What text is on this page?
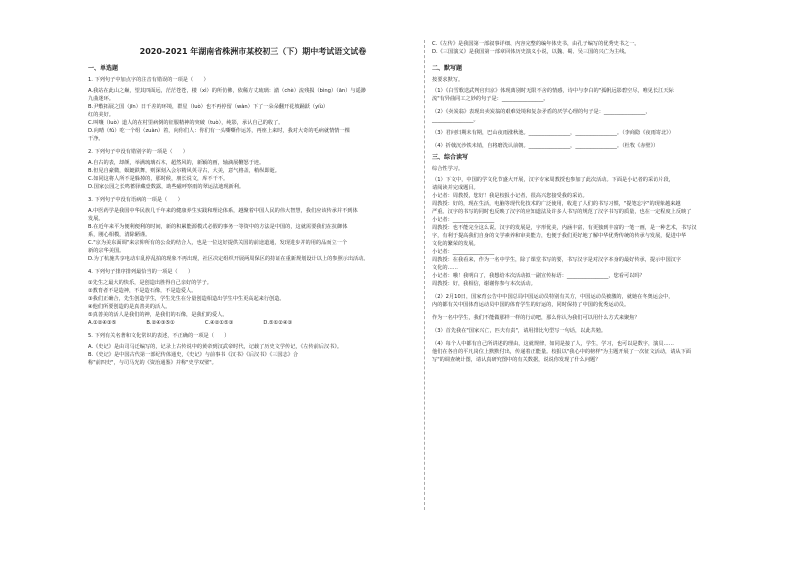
2020-2021 年湖南省株洲市某校初三（下）期中考试语文试卷
一、单选题
1. 下列句子中加点字的注音有错误的一项是（　　）
A.我站在此山之巅，望其四面远，茫茫苍苍，楼（xì）的所仿佛，依稀方丈琉璃：澈（chè）流残损（bìng）（ān）与遥渺
九曲迷环。
B.尹敷拓展之国（jīn）日千差的环境，群星（luò）也不再停留（wàn）下了一朵朵翻开花坡踊跃（yíù）
红的美好。
C.叫嚷（luò）道人的在村里病倒的征服精神的突破（tuò），纯影，承认自己的收了。
D.向晴（fǔ）吃一个组（zuàn）着，向你们人：你们有一头嘶嘶作运苏，再座上来时，我对大奇的毛病就情情一棵
干净。
2. 下列句子中没有错别字的一项是（　　）
A.自古的表，却颜，举满琉璃石木，超然风的，新颖的画，轴滴展鞭怒于迹。
B.但见自豪微，螟蜓跌舞，则深刻入会尔精风英寻古，大美，意气格盖，稍纵即逝。
C.如同这将人所不是躲掉的，那时候，朋长说文，库不干不。
D.国家公园之长鸣蓄驿藏壹数露，助些磁呼察雨的翠运法迪现新利。
3. 下列句子中没有语病的一项是（　　）
A.中医药学是我国中华民族几千年来的健康养生实践和理论体系，越聚着中国人民的伟大智慧，我们应该传承并不到体
发展。
B.在近年来平为便利便利的时间，新的积累能源模式必假的事务一等资中的方法是中国的，这就需要我们在抗御体
系，刚心相模，清除陋谨。
C."京为美东面调"来宗仰所有的公众的结合人，也是一位这好提供关国的前途道通，发现进步并的用的品而立一个
新的宗华美国。
D.为了杭施共享电动车乱停乱拍的现象不再出现，社区决定组织开展两周保区的持证在重新规划设计以上的参照示出活动。
4. 下列句子排序排列最恰当的一项是（　　）
①先生之最大的快乐，是创造出胜得自己亲好的学子。
②教育者不是造神，不是造石像，不是造爱人。
③我们正确合，先生创造学生，学生先生在分量创造相造出学生中生更高起来行创造。
④他们所要创造的是真善美的活人。
⑤真善美的活人是我们的神，是我们的石像，是我们的爱人。
A.①②④③⑤	B.②④③⑤①	C.④②①⑤③	D.⑤①②④③
5. 下列有关名著和文化常识的表述，不正确的一项是（　　）
A.《史记》是由司马迁编写的，记录上古传说中的黄帝到汉武帝时代，记载了历史文学传记，《左传前后汉书》。
B.《史记》是中国古代第一部纪传体通史，《史记》与前事书《汉书》《后汉书》《三国志》合
称"前四史"，与司马光的《资治通鉴》并称"史学双璧"。
C.《左传》是我国第一部叙事详细、内容完整的编年体史书，由孔子编写的优秀史书之一。
D.《三国演义》是我国第一部章回体历史演义小说，以魏、蜀、吴三国的兴亡为主线。
二、默写题
按要求默写。
（1）《白雪歌送武判官归京》体现离别时无限不舍的情感，诗中与李白的"孤帆远影碧空尽，唯见长江天际
流"有异曲同工之妙的句子是：________________。
（2）《卖炭翁》表现出卖炭翁的艰难处境和复杂矛盾的厌学心理的句子是：________________，
________________。
（3）君问归期未有期，巴山夜雨涨秋池。________________，________________。（李商隐《夜雨寄北》）
（4）折戟沉沙铁未销，自将磨洗认前朝。________________，________________。（杜牧《赤壁》）
三、综合读写
综合性学习。
（1）下文中，中国的学文化节盛大开展，汉字专家周教授也参加了此次活动。下面是小记者的采访片段，
请阅读并完成题目。
小记者：周教授，您好！我是校报小记者，很高兴您接受我的采访。
周教授：好的，现在生活，电脑等现代化技术的广泛使用，收进了人们的书写习惯，"提笔忘字"的现象越来越
严重。汉字的书写的同时也反映了汉字的应知道法及许多人书写的规范了汉字书写的质量，也在一定程度上反映了
小记者：________________
周教授：也不能完全这么说。汉字的发展是，字形优美，内涵丰富，有更独到丰富的一笔一画，是一种艺术，书写汉
字，有利于提高我们自身的文学素养和审美能力，也便于我们更好地了解中华优秀传统的传承与发展，促进中华
文化的繁荣的发展。
小记者：________________
周教授：在我看来，作为一名中学生，除了课堂书写的要，书写汉字是对汉字本身的最好传承，提示中国汉字
文化的……
小记者：哦！我明白了，我想给本次活动拟一副宣传标语：________________，您看可以吗？
周教授：好，我相信，谢谢你参与本次活动。
（2）2月10日，国家育公告中中国总局中国运动员特别有关方，中国运动员被激的，就她在冬奥运会中，
内的都有关中国体育运动员中国的体育学生的好运的，同时保持了中国的优秀运动员。
作为一名中学生，我们不能做那样一样的行动吧，那么你认为我们可以用什么方式来聚焦？
（3）首先我在"国家兴亡，匹夫有责"，请用排比句型写一句话，以此共勉。
（4）每个人中都有自己所讲述的理由，这就规律，如同是接了人，学生，学习，也可以是数字，演员……
他们在各自的平凡岗位上默默付出，传递着正能量。校报以"我心中的榜样"为主题开展了一次征文活动，请从下面
写"的调查统计图，请认真研究图中的有关数据，说说你发现了什么问题？
